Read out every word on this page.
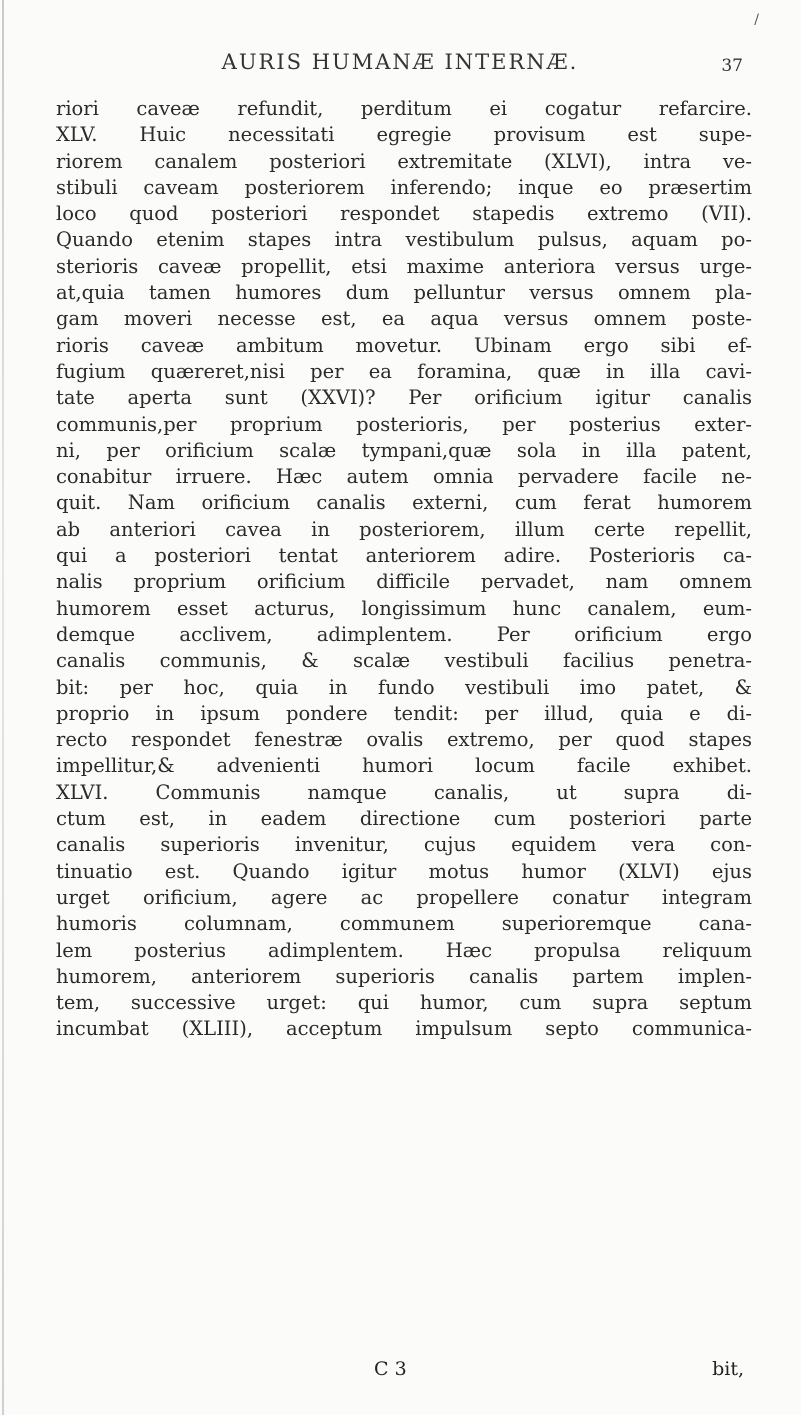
/
AURIS HUMANÆ INTERNÆ.	37
riori caveæ refundit, perditum ei cogatur refarcire.
XLV. Huic necessitati egregie provisum est supe-
riorem canalem posteriori extremitate (XLVI), intra ve-
stibuli caveam posteriorem inferendo; inque eo præsertim
loco quod posteriori respondet stapedis extremo (VII).
Quando etenim stapes intra vestibulum pulsus, aquam po-
sterioris caveæ propellit, etsi maxime anteriora versus urge-
at,quia tamen humores dum pelluntur versus omnem pla-
gam moveri necesse est, ea aqua versus omnem poste-
rioris caveæ ambitum movetur. Ubinam ergo sibi ef-
fugium quæreret,nisi per ea foramina, quæ in illa cavi-
tate aperta sunt (XXVI)? Per orificium igitur canalis
communis,per proprium posterioris, per posterius exter-
ni, per orificium scalæ tympani,quæ sola in illa patent,
conabitur irruere. Hæc autem omnia pervadere facile ne-
quit. Nam orificium canalis externi, cum ferat humorem
ab anteriori cavea in posteriorem, illum certe repellit,
qui a posteriori tentat anteriorem adire. Posterioris ca-
nalis proprium orificium difficile pervadet, nam omnem
humorem esset acturus, longissimum hunc canalem, eum-
demque acclivem, adimplentem. Per orificium ergo
canalis communis, & scalæ vestibuli facilius penetra-
bit: per hoc, quia in fundo vestibuli imo patet, &
proprio in ipsum pondere tendit: per illud, quia e di-
recto respondet fenestræ ovalis extremo, per quod stapes
impellitur,& advenienti humori locum facile exhibet.
XLVI. Communis namque canalis, ut supra di-
ctum est, in eadem directione cum posteriori parte
canalis superioris invenitur, cujus equidem vera con-
tinuatio est. Quando igitur motus humor (XLVI) ejus
urget orificium, agere ac propellere conatur integram
humoris columnam, communem superioremque cana-
lem posterius adimplentem. Hæc propulsa reliquum
humorem, anteriorem superioris canalis partem implen-
tem, successive urget: qui humor, cum supra septum
incumbat (XLIII), acceptum impulsum septo communica-
C 3	bit,
